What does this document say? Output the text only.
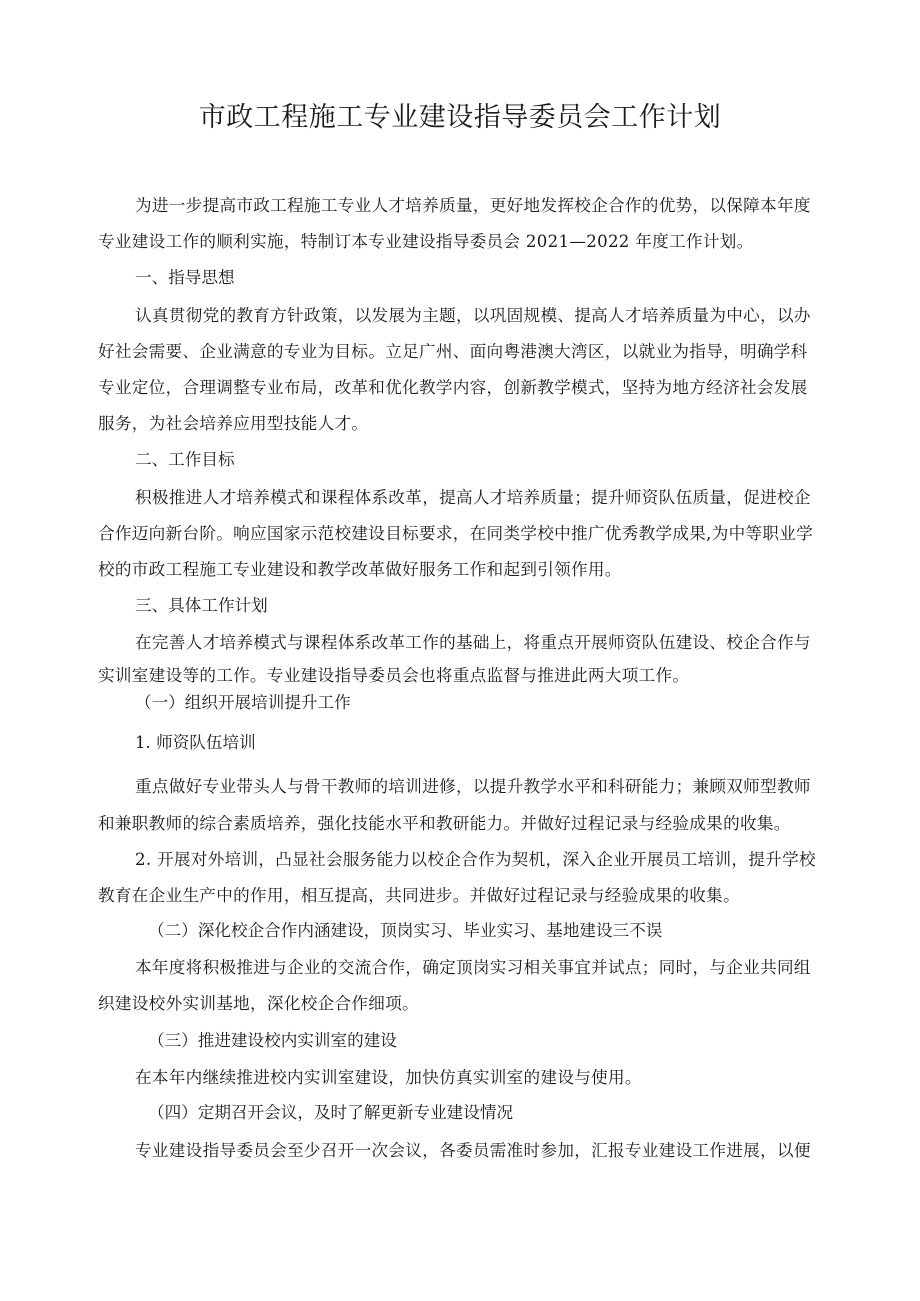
市政工程施工专业建设指导委员会工作计划
为进一步提高市政工程施工专业人才培养质量，更好地发挥校企合作的优势，以保障本年度
专业建设工作的顺利实施，特制订本专业建设指导委员会 2021—2022 年度工作计划。
一、指导思想
认真贯彻党的教育方针政策，以发展为主题，以巩固规模、提高人才培养质量为中心，以办
好社会需要、企业满意的专业为目标。立足广州、面向粤港澳大湾区，以就业为指导，明确学科
专业定位，合理调整专业布局，改革和优化教学内容，创新教学模式，坚持为地方经济社会发展
服务，为社会培养应用型技能人才。
二、工作目标
积极推进人才培养模式和课程体系改革，提高人才培养质量；提升师资队伍质量，促进校企
合作迈向新台阶。响应国家示范校建设目标要求，在同类学校中推广优秀教学成果,为中等职业学
校的市政工程施工专业建设和教学改革做好服务工作和起到引领作用。
三、具体工作计划
在完善人才培养模式与课程体系改革工作的基础上，将重点开展师资队伍建设、校企合作与
实训室建设等的工作。专业建设指导委员会也将重点监督与推进此两大项工作。
（一）组织开展培训提升工作
1. 师资队伍培训
重点做好专业带头人与骨干教师的培训进修，以提升教学水平和科研能力；兼顾双师型教师
和兼职教师的综合素质培养，强化技能水平和教研能力。并做好过程记录与经验成果的收集。
2. 开展对外培训，凸显社会服务能力以校企合作为契机，深入企业开展员工培训，提升学校
教育在企业生产中的作用，相互提高，共同进步。并做好过程记录与经验成果的收集。
（二）深化校企合作内涵建设，顶岗实习、毕业实习、基地建设三不误
本年度将积极推进与企业的交流合作，确定顶岗实习相关事宜并试点；同时，与企业共同组
织建设校外实训基地，深化校企合作细项。
（三）推进建设校内实训室的建设
在本年内继续推进校内实训室建设，加快仿真实训室的建设与使用。
（四）定期召开会议，及时了解更新专业建设情况
专业建设指导委员会至少召开一次会议，各委员需准时参加，汇报专业建设工作进展，以便
